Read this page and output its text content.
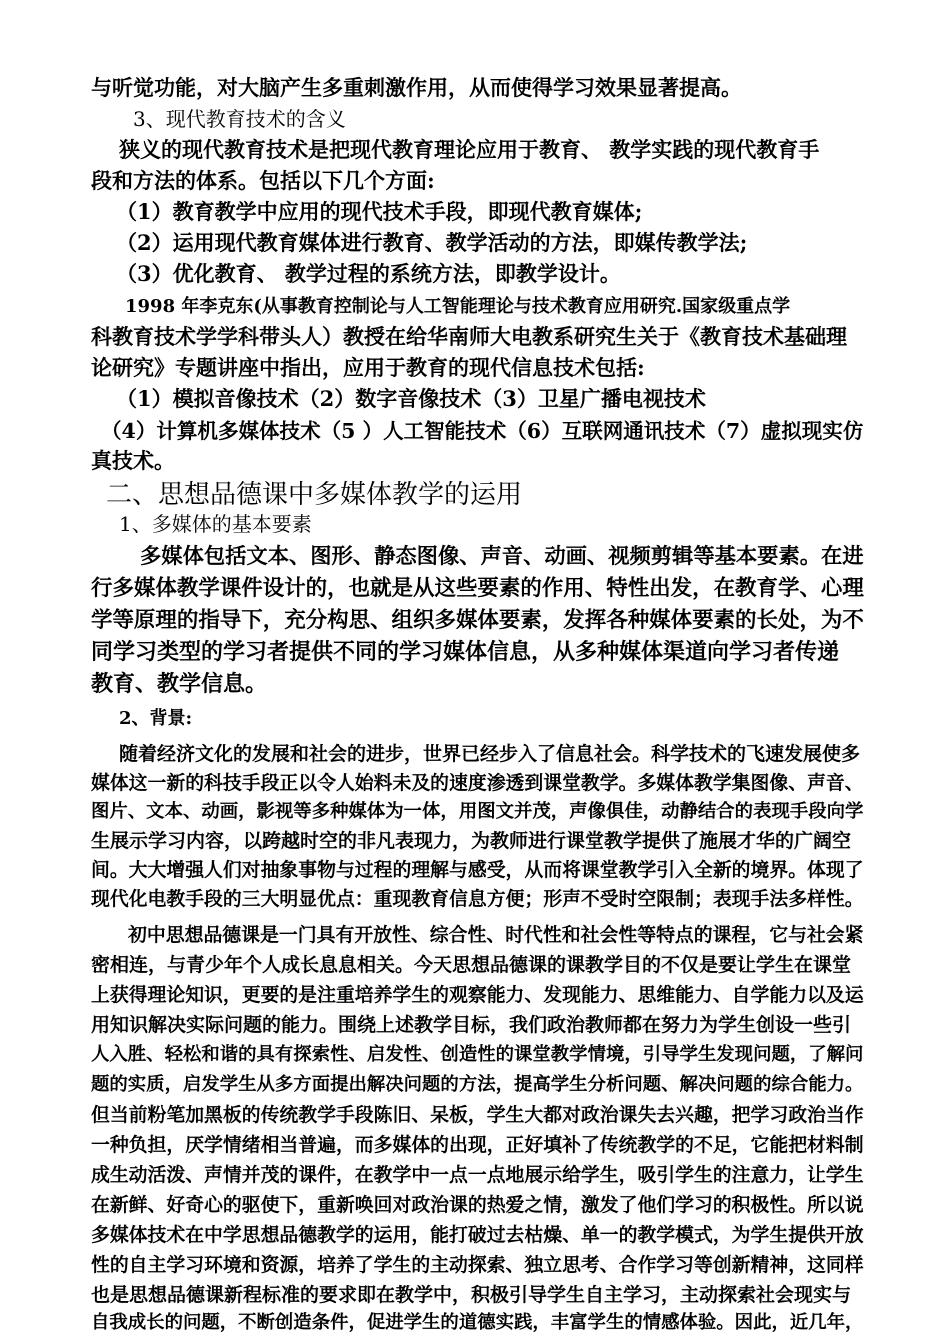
与听觉功能，对大脑产生多重刺激作用，从而使得学习效果显著提高。
3、现代教育技术的含义
狭义的现代教育技术是把现代教育理论应用于教育、 教学实践的现代教育手
段和方法的体系。包括以下几个方面:
（1）教育教学中应用的现代技术手段，即现代教育媒体;
（2）运用现代教育媒体进行教育、教学活动的方法，即媒传教学法;
（3）优化教育、 教学过程的系统方法，即教学设计。
1998 年李克东(从事教育控制论与人工智能理论与技术教育应用研究.国家级重点学
科教育技术学学科带头人）教授在给华南师大电教系研究生关于《教育技术基础理
论研究》专题讲座中指出，应用于教育的现代信息技术包括:
（1）模拟音像技术（2）数字音像技术（3）卫星广播电视技术
（4）计算机多媒体技术（5 ）人工智能技术（6）互联网通讯技术（7）虚拟现实仿
真技术。
二、思想品德课中多媒体教学的运用
1、多媒体的基本要素
多媒体包括文本、图形、静态图像、声音、动画、视频剪辑等基本要素。在进
行多媒体教学课件设计的，也就是从这些要素的作用、特性出发，在教育学、心理
学等原理的指导下，充分构思、组织多媒体要素，发挥各种媒体要素的长处，为不
同学习类型的学习者提供不同的学习媒体信息，从多种媒体渠道向学习者传递
教育、教学信息。
2、背景:
随着经济文化的发展和社会的进步，世界已经步入了信息社会。科学技术的飞速发展使多
媒体这一新的科技手段正以令人始料未及的速度渗透到课堂教学。多媒体教学集图像、声音、
图片、文本、动画，影视等多种媒体为一体，用图文并茂，声像俱佳，动静结合的表现手段向学
生展示学习内容，以跨越时空的非凡表现力，为教师进行课堂教学提供了施展才华的广阔空
间。大大增强人们对抽象事物与过程的理解与感受，从而将课堂教学引入全新的境界。体现了
现代化电教手段的三大明显优点：重现教育信息方便；形声不受时空限制；表现手法多样性。
初中思想品德课是一门具有开放性、综合性、时代性和社会性等特点的课程，它与社会紧
密相连，与青少年个人成长息息相关。今天思想品德课的课教学目的不仅是要让学生在课堂
上获得理论知识，更要的是注重培养学生的观察能力、发现能力、思维能力、自学能力以及运
用知识解决实际问题的能力。围绕上述教学目标，我们政治教师都在努力为学生创设一些引
人入胜、轻松和谐的具有探索性、启发性、创造性的课堂教学情境，引导学生发现问题，了解问
题的实质，启发学生从多方面提出解决问题的方法，提高学生分析问题、解决问题的综合能力。
但当前粉笔加黑板的传统教学手段陈旧、呆板，学生大都对政治课失去兴趣，把学习政治当作
一种负担，厌学情绪相当普遍，而多媒体的出现，正好填补了传统教学的不足，它能把材料制
成生动活泼、声情并茂的课件，在教学中一点一点地展示给学生，吸引学生的注意力，让学生
在新鲜、好奇心的驱使下，重新唤回对政治课的热爱之情，激发了他们学习的积极性。所以说
多媒体技术在中学思想品德教学的运用，能打破过去枯燥、单一的教学模式，为学生提供开放
性的自主学习环境和资源，培养了学生的主动探索、独立思考、合作学习等创新精神，这同样
也是思想品德课新程标准的要求即在教学中，积极引导学生自主学习，主动探索社会现实与
自我成长的问题，不断创造条件，促进学生的道德实践，丰富学生的情感体验。因此，近几年，
